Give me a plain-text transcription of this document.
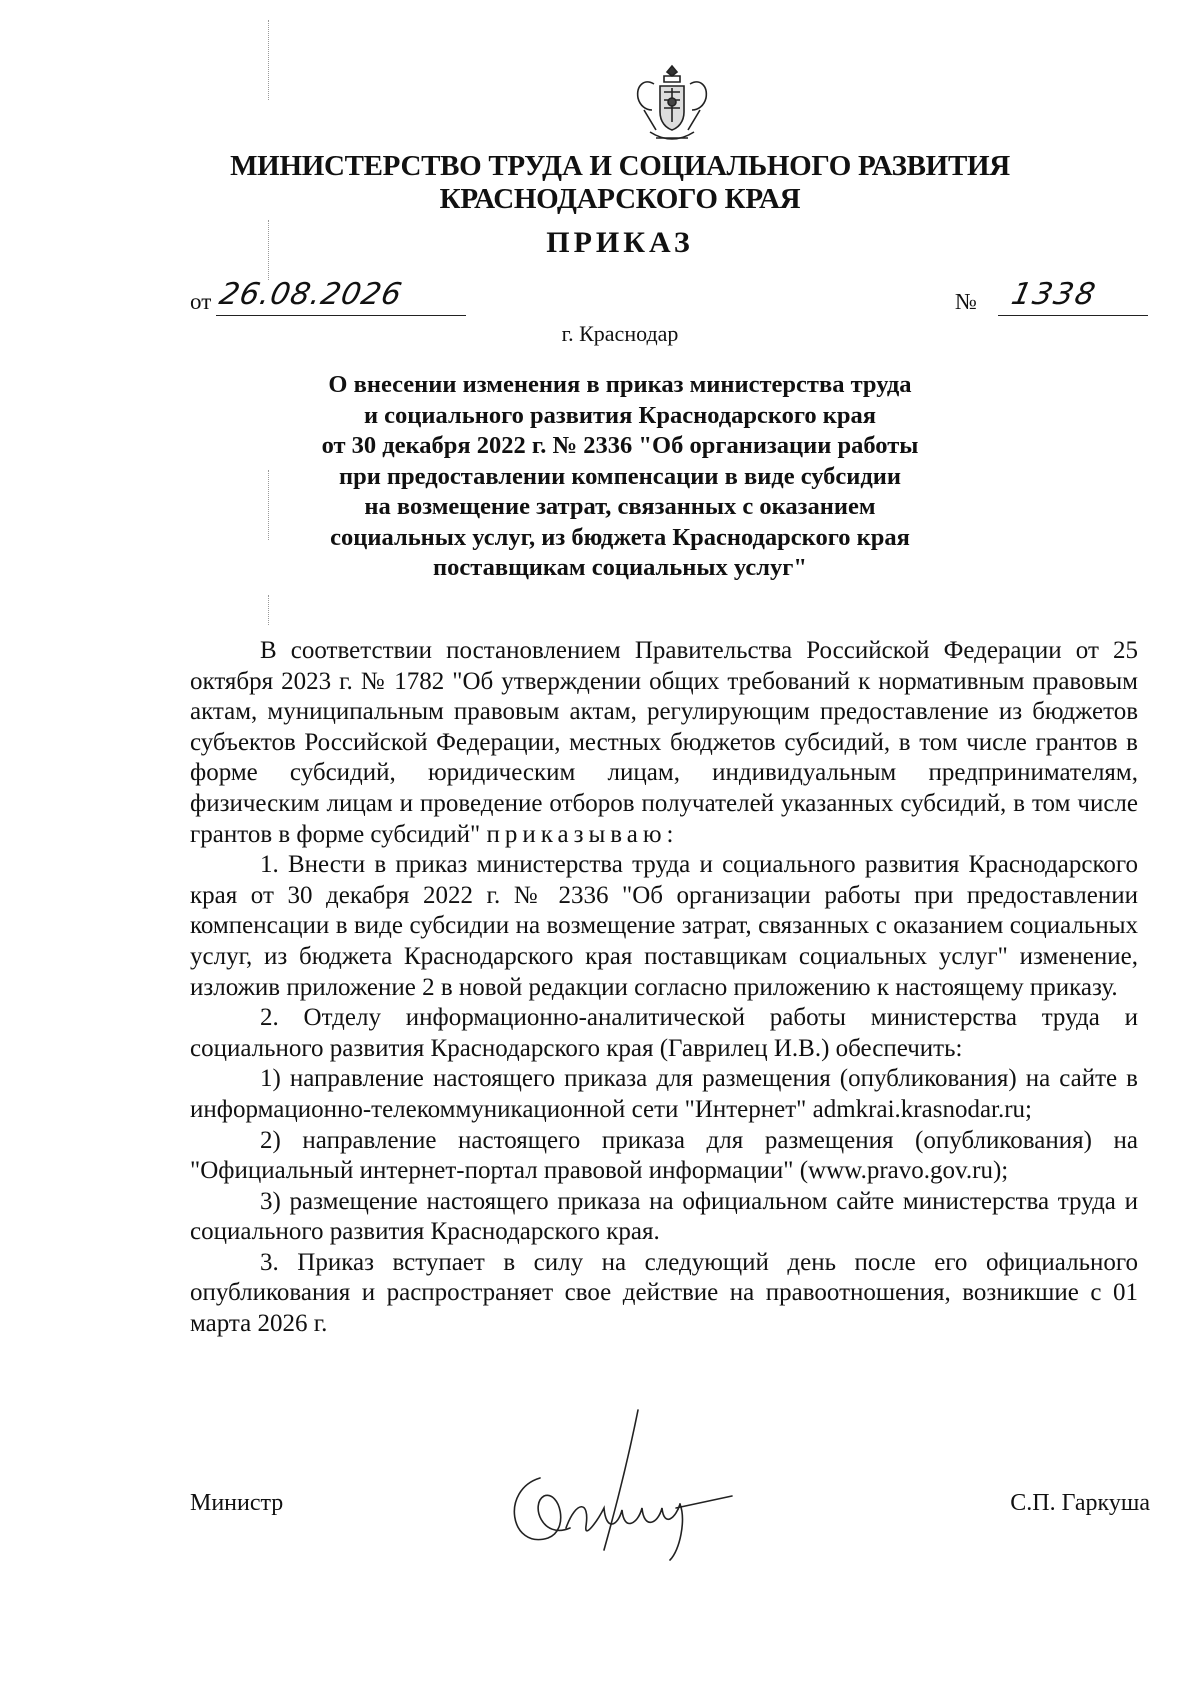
МИНИСТЕРСТВО ТРУДА И СОЦИАЛЬНОГО РАЗВИТИЯ
КРАСНОДАРСКОГО КРАЯ
ПРИКАЗ
от 26.08.2026	№ 1338
г. Краснодар
О внесении изменения в приказ министерства труда
и социального развития Краснодарского края
от 30 декабря 2022 г. № 2336 "Об организации работы
при предоставлении компенсации в виде субсидии
на возмещение затрат, связанных с оказанием
социальных услуг, из бюджета Краснодарского края
поставщикам социальных услуг"

В соответствии постановлением Правительства Российской Федерации от 25 октября 2023 г. № 1782 "Об утверждении общих требований к нормативным правовым актам, муниципальным правовым актам, регулирующим предоставление из бюджетов субъектов Российской Федерации, местных бюджетов субсидий, в том числе грантов в форме субсидий, юридическим лицам, индивидуальным предпринимателям, физическим лицам и проведение отборов получателей указанных субсидий, в том числе грантов в форме субсидий" приказываю:

1. Внести в приказ министерства труда и социального развития Краснодарского края от 30 декабря 2022 г. № 2336 "Об организации работы при предоставлении компенсации в виде субсидии на возмещение затрат, связанных с оказанием социальных услуг, из бюджета Краснодарского края поставщикам социальных услуг" изменение, изложив приложение 2 в новой редакции согласно приложению к настоящему приказу.

2. Отделу информационно-аналитической работы министерства труда и социального развития Краснодарского края (Гаврилец И.В.) обеспечить:

1) направление настоящего приказа для размещения (опубликования) на сайте в информационно-телекоммуникационной сети "Интернет" admkrai.krasnodar.ru;

2) направление настоящего приказа для размещения (опубликования) на "Официальный интернет-портал правовой информации" (www.pravo.gov.ru);

3) размещение настоящего приказа на официальном сайте министерства труда и социального развития Краснодарского края.

3. Приказ вступает в силу на следующий день после его официального опубликования и распространяет свое действие на правоотношения, возникшие с 01 марта 2026 г.

Министр	С.П. Гаркуша
